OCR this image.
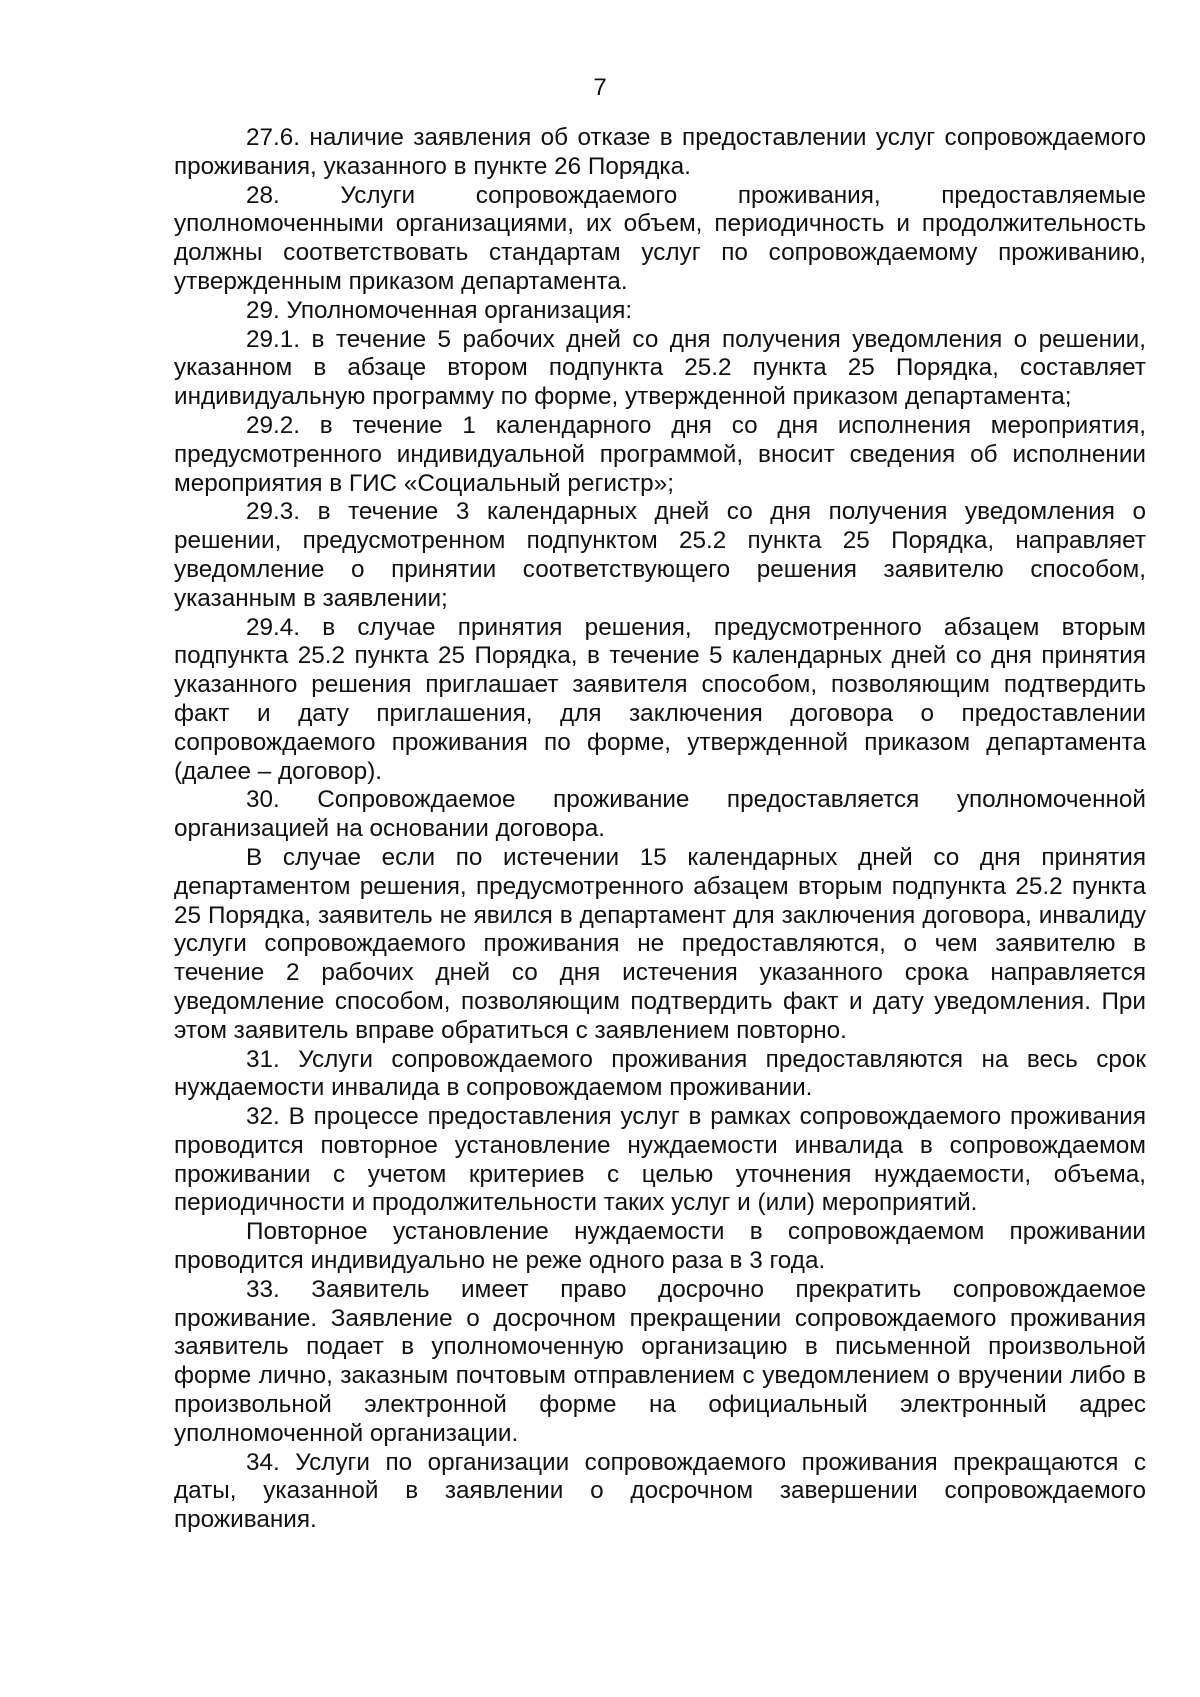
7

27.6. наличие заявления об отказе в предоставлении услуг сопровождаемого проживания, указанного в пункте 26 Порядка.

28. Услуги сопровождаемого проживания, предоставляемые уполномоченными организациями, их объем, периодичность и продолжительность должны соответствовать стандартам услуг по сопровождаемому проживанию, утвержденным приказом департамента.

29. Уполномоченная организация:

29.1. в течение 5 рабочих дней со дня получения уведомления о решении, указанном в абзаце втором подпункта 25.2 пункта 25 Порядка, составляет индивидуальную программу по форме, утвержденной приказом департамента;

29.2. в течение 1 календарного дня со дня исполнения мероприятия, предусмотренного индивидуальной программой, вносит сведения об исполнении мероприятия в ГИС «Социальный регистр»;

29.3. в течение 3 календарных дней со дня получения уведомления о решении, предусмотренном подпунктом 25.2 пункта 25 Порядка, направляет уведомление о принятии соответствующего решения заявителю способом, указанным в заявлении;

29.4. в случае принятия решения, предусмотренного абзацем вторым подпункта 25.2 пункта 25 Порядка, в течение 5 календарных дней со дня принятия указанного решения приглашает заявителя способом, позволяющим подтвердить факт и дату приглашения, для заключения договора о предоставлении сопровождаемого проживания по форме, утвержденной приказом департамента (далее – договор).

30. Сопровождаемое проживание предоставляется уполномоченной организацией на основании договора.

В случае если по истечении 15 календарных дней со дня принятия департаментом решения, предусмотренного абзацем вторым подпункта 25.2 пункта 25 Порядка, заявитель не явился в департамент для заключения договора, инвалиду услуги сопровождаемого проживания не предоставляются, о чем заявителю в течение 2 рабочих дней со дня истечения указанного срока направляется уведомление способом, позволяющим подтвердить факт и дату уведомления. При этом заявитель вправе обратиться с заявлением повторно.

31. Услуги сопровождаемого проживания предоставляются на весь срок нуждаемости инвалида в сопровождаемом проживании.

32. В процессе предоставления услуг в рамках сопровождаемого проживания проводится повторное установление нуждаемости инвалида в сопровождаемом проживании с учетом критериев с целью уточнения нуждаемости, объема, периодичности и продолжительности таких услуг и (или) мероприятий.

Повторное установление нуждаемости в сопровождаемом проживании проводится индивидуально не реже одного раза в 3 года.

33. Заявитель имеет право досрочно прекратить сопровождаемое проживание. Заявление о досрочном прекращении сопровождаемого проживания заявитель подает в уполномоченную организацию в письменной произвольной форме лично, заказным почтовым отправлением с уведомлением о вручении либо в произвольной электронной форме на официальный электронный адрес уполномоченной организации.

34. Услуги по организации сопровождаемого проживания прекращаются с даты, указанной в заявлении о досрочном завершении сопровождаемого проживания.
